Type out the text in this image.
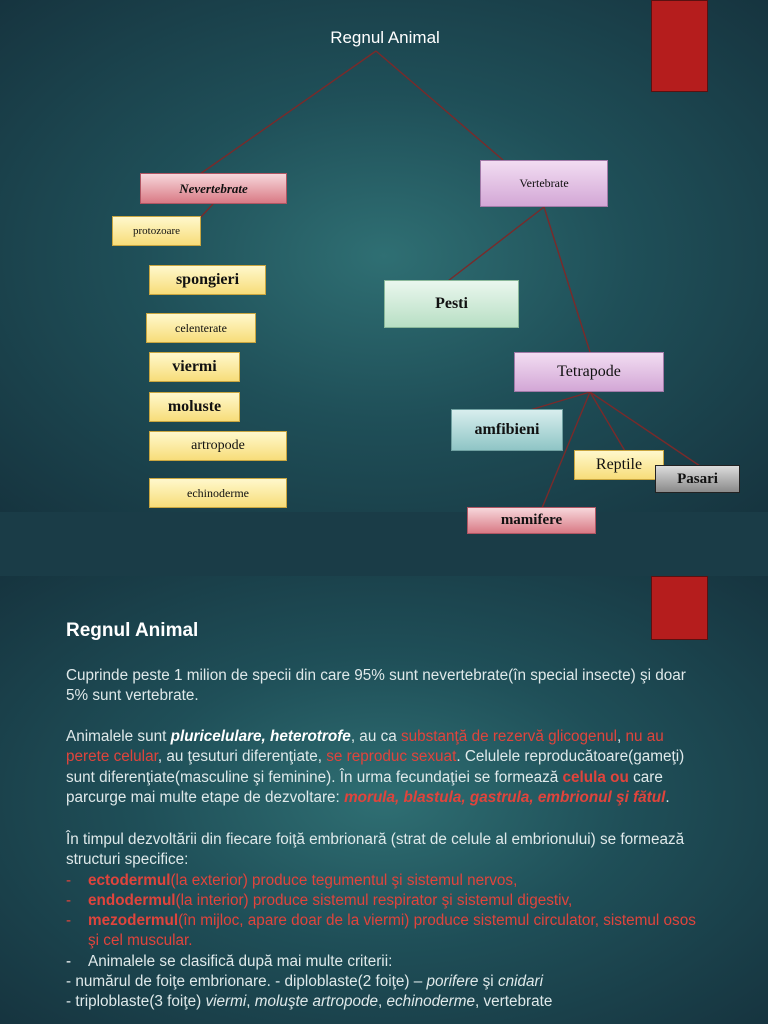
Regnul Animal
Nevertebrate	Vertebrate
protozoare
spongieri
celenterate
viermi
moluste
artropode
echinoderme
Pesti
Tetrapode
amfibieni
Reptile
Pasari
mamifere
Regnul Animal
Cuprinde peste 1 milion de specii din care 95% sunt nevertebrate(în special insecte) şi doar 5% sunt vertebrate.
Animalele sunt pluricelulare, heterotrofe, au ca substanţă de rezervă glicogenul, nu au perete celular, au ţesuturi diferenţiate, se reproduc sexuat. Celulele reproducătoare(gameţi) sunt diferenţiate(masculine şi feminine). În urma fecundaţiei se formează celula ou care parcurge mai multe etape de dezvoltare: morula, blastula, gastrula, embrionul şi fătul.
În timpul dezvoltării din fiecare foiţă embrionară (strat de celule al embrionului) se formează structuri specifice:
- ectodermul(la exterior) produce tegumentul şi sistemul nervos,
- endodermul(la interior) produce sistemul respirator şi sistemul digestiv,
- mezodermul(în mijloc, apare doar de la viermi) produce sistemul circulator, sistemul osos şi cel muscular.
- Animalele se clasifică după mai multe criterii:
- numărul de foiţe embrionare. - diploblaste(2 foiţe) – porifere şi cnidari
- triploblaste(3 foiţe) viermi, moluşte artropode, echinoderme, vertebrate
